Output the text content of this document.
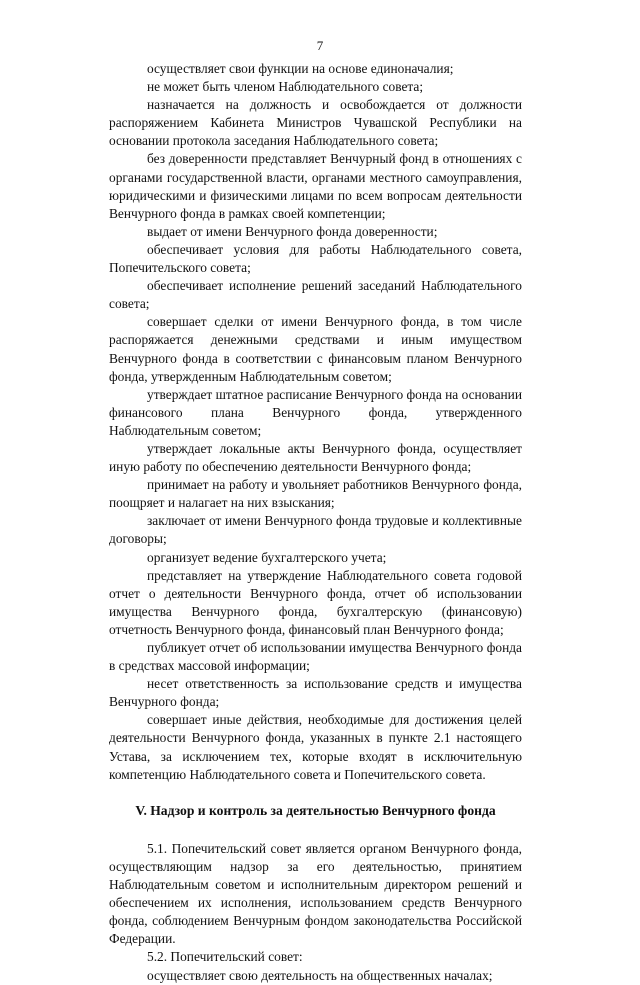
7

осуществляет свои функции на основе единоначалия;

не может быть членом Наблюдательного совета;

назначается на должность и освобождается от должности распоряжением Кабинета Министров Чувашской Республики на основании протокола заседания Наблюдательного совета;

без доверенности представляет Венчурный фонд в отношениях с органами государственной власти, органами местного самоуправления, юридическими и физическими лицами по всем вопросам деятельности Венчурного фонда в рамках своей компетенции;

выдает от имени Венчурного фонда доверенности;

обеспечивает условия для работы Наблюдательного совета, Попечительского совета;

обеспечивает исполнение решений заседаний Наблюдательного совета;

совершает сделки от имени Венчурного фонда, в том числе распоряжается денежными средствами и иным имуществом Венчурного фонда в соответствии с финансовым планом Венчурного фонда, утвержденным Наблюдательным советом;

утверждает штатное расписание Венчурного фонда на основании финансового плана Венчурного фонда, утвержденного Наблюдательным советом;

утверждает локальные акты Венчурного фонда, осуществляет иную работу по обеспечению деятельности Венчурного фонда;

принимает на работу и увольняет работников Венчурного фонда, поощряет и налагает на них взыскания;

заключает от имени Венчурного фонда трудовые и коллективные договоры;

организует ведение бухгалтерского учета;

представляет на утверждение Наблюдательного совета годовой отчет о деятельности Венчурного фонда, отчет об использовании имущества Венчурного фонда, бухгалтерскую (финансовую) отчетность Венчурного фонда, финансовый план Венчурного фонда;

публикует отчет об использовании имущества Венчурного фонда в средствах массовой информации;

несет ответственность за использование средств и имущества Венчурного фонда;

совершает иные действия, необходимые для достижения целей деятельности Венчурного фонда, указанных в пункте 2.1 настоящего Устава, за исключением тех, которые входят в исключительную компетенцию Наблюдательного совета и Попечительского совета.

V. Надзор и контроль за деятельностью Венчурного фонда

5.1. Попечительский совет является органом Венчурного фонда, осуществляющим надзор за его деятельностью, принятием Наблюдательным советом и исполнительным директором решений и обеспечением их исполнения, использованием средств Венчурного фонда, соблюдением Венчурным фондом законодательства Российской Федерации.

5.2. Попечительский совет:

осуществляет свою деятельность на общественных началах;
